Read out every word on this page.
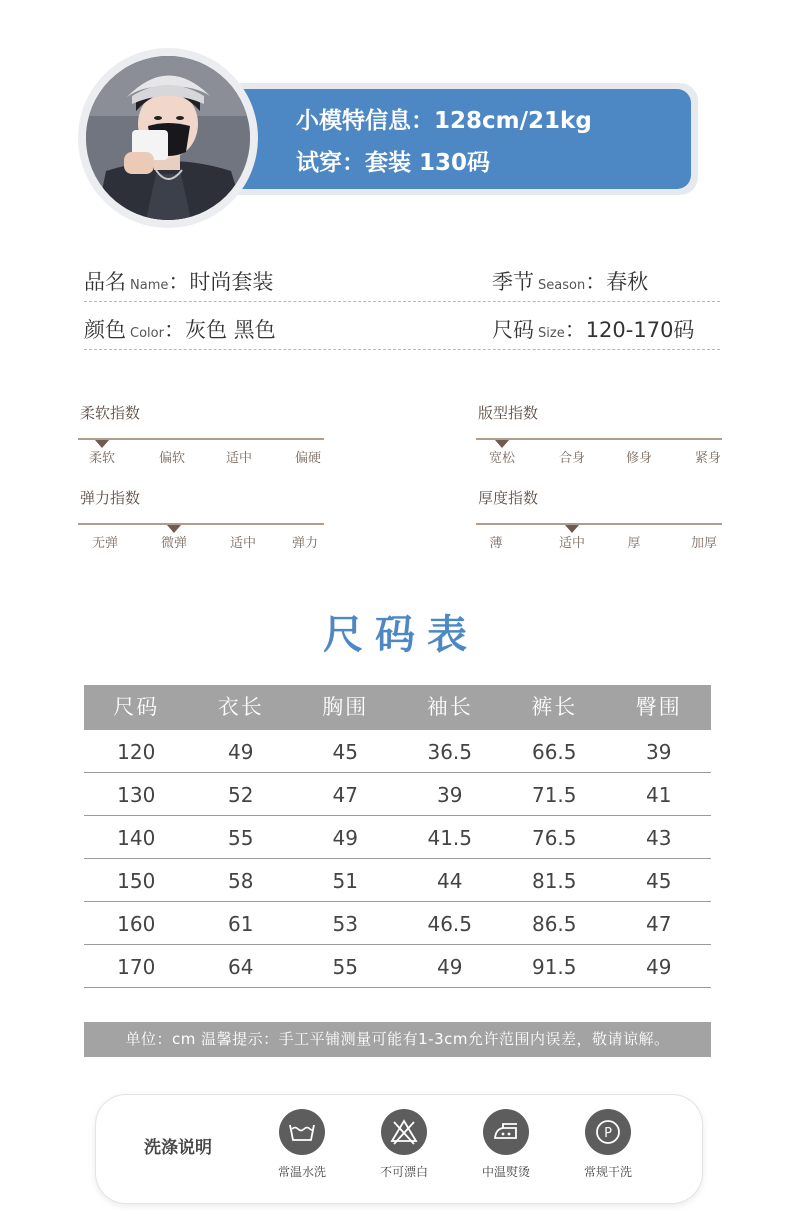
小模特信息：128cm/21kg
试穿：套装 130码
品名 Name：时尚套装	季节 Season：春秋
颜色 Color：灰色 黑色	尺码 Size：120-170码
柔软指数
柔软	偏软	适中	偏硬
版型指数
宽松	合身	修身	紧身
弹力指数
无弹	微弹	适中	弹力
厚度指数
薄	适中	厚	加厚
尺码表
尺码	衣长	胸围	袖长	裤长	臀围
120	49	45	36.5	66.5	39
130	52	47	39	71.5	41
140	55	49	41.5	76.5	43
150	58	51	44	81.5	45
160	61	53	46.5	86.5	47
170	64	55	49	91.5	49
单位：cm 温馨提示：手工平铺测量可能有1-3cm允许范围内误差，敬请谅解。
洗涤说明
常温水洗	不可漂白	中温熨烫
P
常规干洗
